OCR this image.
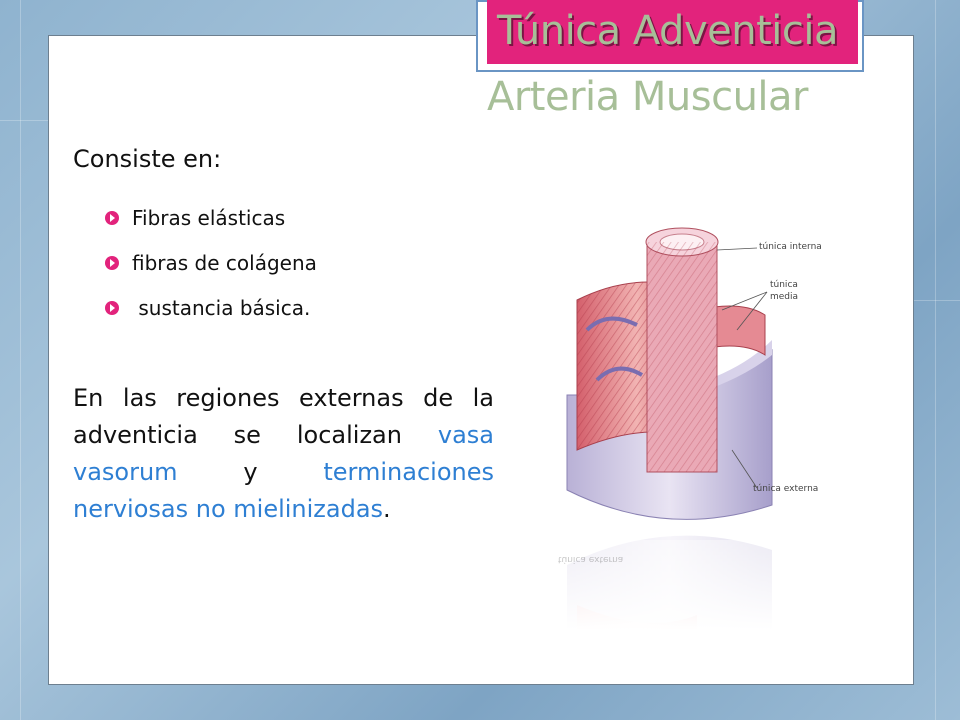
Túnica Adventicia
Arteria Muscular
Consiste en:
Fibras elásticas
fibras de colágena
sustancia básica.
En las regiones externas de la adventicia se localizan vasa vasorum y terminaciones nerviosas no mielinizadas.
túnica interna
túnica
media
túnica externa
túnica externa
